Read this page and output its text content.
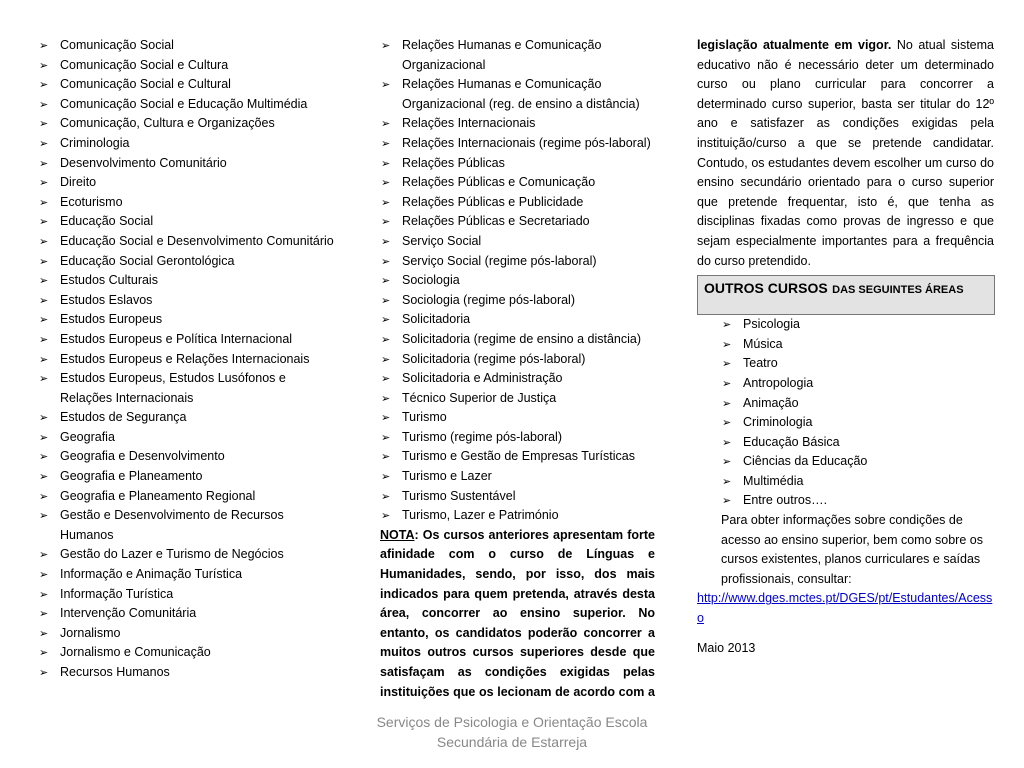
➢ Comunicação Social
➢ Comunicação Social e Cultura
➢ Comunicação Social e Cultural
➢ Comunicação Social e Educação Multimédia
➢ Comunicação, Cultura e Organizações
➢ Criminologia
➢ Desenvolvimento Comunitário
➢ Direito
➢ Ecoturismo
➢ Educação Social
➢ Educação Social e Desenvolvimento Comunitário
➢ Educação Social Gerontológica
➢ Estudos Culturais
➢ Estudos Eslavos
➢ Estudos Europeus
➢ Estudos Europeus e Política Internacional
➢ Estudos Europeus e Relações Internacionais
➢ Estudos Europeus, Estudos Lusófonos e Relações Internacionais
➢ Estudos de Segurança
➢ Geografia
➢ Geografia e Desenvolvimento
➢ Geografia e Planeamento
➢ Geografia e Planeamento Regional
➢ Gestão e Desenvolvimento de Recursos Humanos
➢ Gestão do Lazer e Turismo de Negócios
➢ Informação e Animação Turística
➢ Informação Turística
➢ Intervenção Comunitária
➢ Jornalismo
➢ Jornalismo e Comunicação
➢ Recursos Humanos
➢ Relações Humanas e Comunicação Organizacional
➢ Relações Humanas e Comunicação Organizacional (reg. de ensino a distância)
➢ Relações Internacionais
➢ Relações Internacionais (regime pós-laboral)
➢ Relações Públicas
➢ Relações Públicas e Comunicação
➢ Relações Públicas e Publicidade
➢ Relações Públicas e Secretariado
➢ Serviço Social
➢ Serviço Social (regime pós-laboral)
➢ Sociologia
➢ Sociologia (regime pós-laboral)
➢ Solicitadoria
➢ Solicitadoria (regime de ensino a distância)
➢ Solicitadoria (regime pós-laboral)
➢ Solicitadoria e Administração
➢ Técnico Superior de Justiça
➢ Turismo
➢ Turismo (regime pós-laboral)
➢ Turismo e Gestão de Empresas Turísticas
➢ Turismo e Lazer
➢ Turismo Sustentável
➢ Turismo, Lazer e Património

NOTA: Os cursos anteriores apresentam forte afinidade com o curso de Línguas e Humanidades, sendo, por isso, dos mais indicados para quem pretenda, através desta área, concorrer ao ensino superior. No entanto, os candidatos poderão concorrer a muitos outros cursos superiores desde que satisfaçam as condições exigidas pelas instituições que os lecionam de acordo com a

legislação atualmente em vigor. No atual sistema educativo não é necessário deter um determinado curso ou plano curricular para concorrer a determinado curso superior, basta ser titular do 12º ano e satisfazer as condições exigidas pela instituição/curso a que se pretende candidatar. Contudo, os estudantes devem escolher um curso do ensino secundário orientado para o curso superior que pretende frequentar, isto é, que tenha as disciplinas fixadas como provas de ingresso e que sejam especialmente importantes para a frequência do curso pretendido.

OUTROS CURSOS DAS SEGUINTES ÁREAS
➢ Psicologia
➢ Música
➢ Teatro
➢ Antropologia
➢ Animação
➢ Criminologia
➢ Educação Básica
➢ Ciências da Educação
➢ Multimédia
➢ Entre outros….

Para obter informações sobre condições de acesso ao ensino superior, bem como sobre os cursos existentes, planos curriculares e saídas profissionais, consultar:

http://www.dges.mctes.pt/DGES/pt/Estudantes/Acesso
Maio 2013
Serviços de Psicologia e Orientação Escola Secundária de Estarreja
